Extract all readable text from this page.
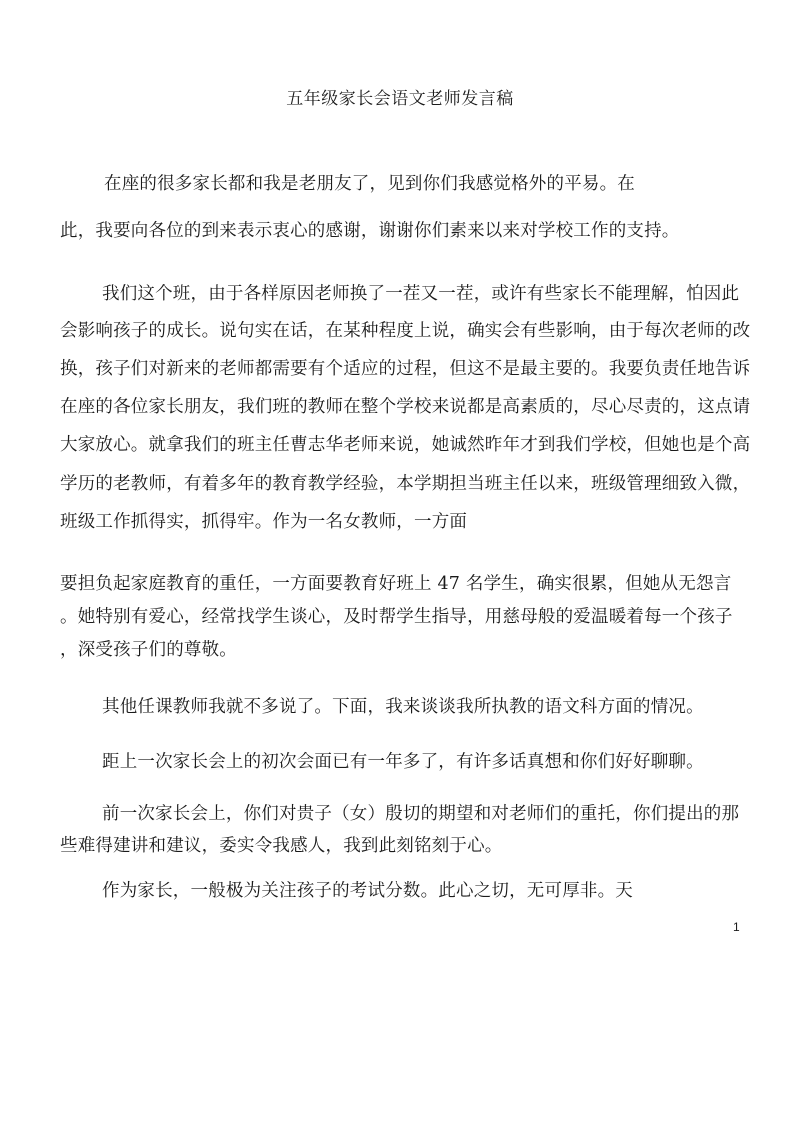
五年级家长会语文老师发言稿
在座的很多家长都和我是老朋友了，见到你们我感觉格外的平易。在
此，我要向各位的到来表示衷心的感谢，谢谢你们素来以来对学校工作的支持。
我们这个班，由于各样原因老师换了一茬又一茬，或许有些家长不能理解，怕因此
会影响孩子的成长。说句实在话，在某种程度上说，确实会有些影响，由于每次老师的改
换，孩子们对新来的老师都需要有个适应的过程，但这不是最主要的。我要负责任地告诉
在座的各位家长朋友，我们班的教师在整个学校来说都是高素质的，尽心尽责的，这点请
大家放心。就拿我们的班主任曹志华老师来说，她诚然昨年才到我们学校，但她也是个高
学历的老教师，有着多年的教育教学经验，本学期担当班主任以来，班级管理细致入微，
班级工作抓得实，抓得牢。作为一名女教师，一方面
要担负起家庭教育的重任，一方面要教育好班上 47 名学生，确实很累，但她从无怨言
。她特别有爱心，经常找学生谈心，及时帮学生指导，用慈母般的爱温暖着每一个孩子
，深受孩子们的尊敬。
其他任课教师我就不多说了。下面，我来谈谈我所执教的语文科方面的情况。
距上一次家长会上的初次会面已有一年多了，有许多话真想和你们好好聊聊。
前一次家长会上，你们对贵子（女）殷切的期望和对老师们的重托，你们提出的那
些难得建讲和建议，委实令我感人，我到此刻铭刻于心。
作为家长，一般极为关注孩子的考试分数。此心之切，无可厚非。天
1
